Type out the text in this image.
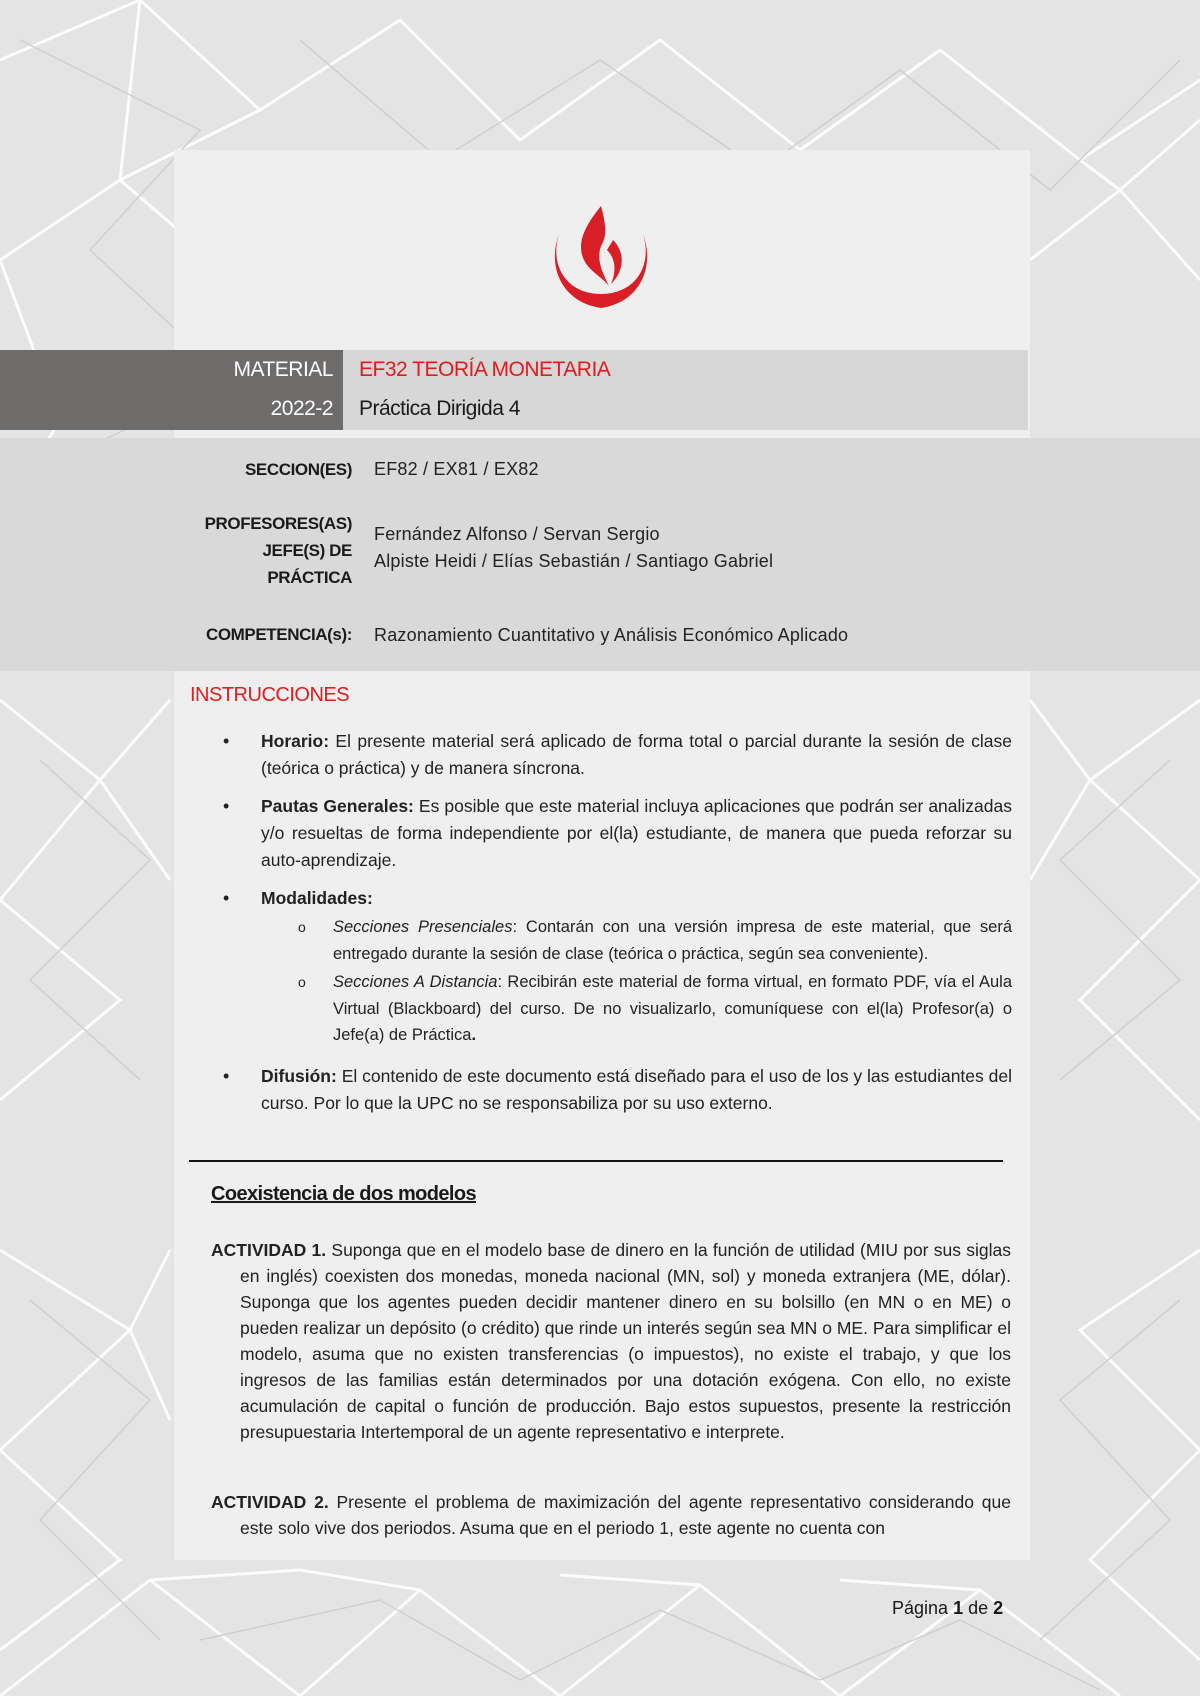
MATERIAL
2022-2
EF32 TEORÍA MONETARIA
Práctica Dirigida 4
SECCION(ES) EF82 / EX81 / EX82
PROFESORES(AS)
JEFE(S) DE
PRÁCTICA
Fernández Alfonso / Servan Sergio
Alpiste Heidi / Elías Sebastián / Santiago Gabriel
COMPETENCIA(s): Razonamiento Cuantitativo y Análisis Económico Aplicado
INSTRUCCIONES
• Horario: El presente material será aplicado de forma total o parcial durante la sesión de clase (teórica o práctica) y de manera síncrona.
• Pautas Generales: Es posible que este material incluya aplicaciones que podrán ser analizadas y/o resueltas de forma independiente por el(la) estudiante, de manera que pueda reforzar su auto-aprendizaje.
• Modalidades:
o Secciones Presenciales: Contarán con una versión impresa de este material, que será entregado durante la sesión de clase (teórica o práctica, según sea conveniente).
o Secciones A Distancia: Recibirán este material de forma virtual, en formato PDF, vía el Aula Virtual (Blackboard) del curso. De no visualizarlo, comuníquese con el(la) Profesor(a) o Jefe(a) de Práctica.
• Difusión: El contenido de este documento está diseñado para el uso de los y las estudiantes del curso. Por lo que la UPC no se responsabiliza por su uso externo.
Coexistencia de dos modelos
ACTIVIDAD 1. Suponga que en el modelo base de dinero en la función de utilidad (MIU por sus siglas en inglés) coexisten dos monedas, moneda nacional (MN, sol) y moneda extranjera (ME, dólar). Suponga que los agentes pueden decidir mantener dinero en su bolsillo (en MN o en ME) o pueden realizar un depósito (o crédito) que rinde un interés según sea MN o ME. Para simplificar el modelo, asuma que no existen transferencias (o impuestos), no existe el trabajo, y que los ingresos de las familias están determinados por una dotación exógena. Con ello, no existe acumulación de capital o función de producción. Bajo estos supuestos, presente la restricción presupuestaria Intertemporal de un agente representativo e interprete.
ACTIVIDAD 2. Presente el problema de maximización del agente representativo considerando que este solo vive dos periodos. Asuma que en el periodo 1, este agente no cuenta con
Página 1 de 2
